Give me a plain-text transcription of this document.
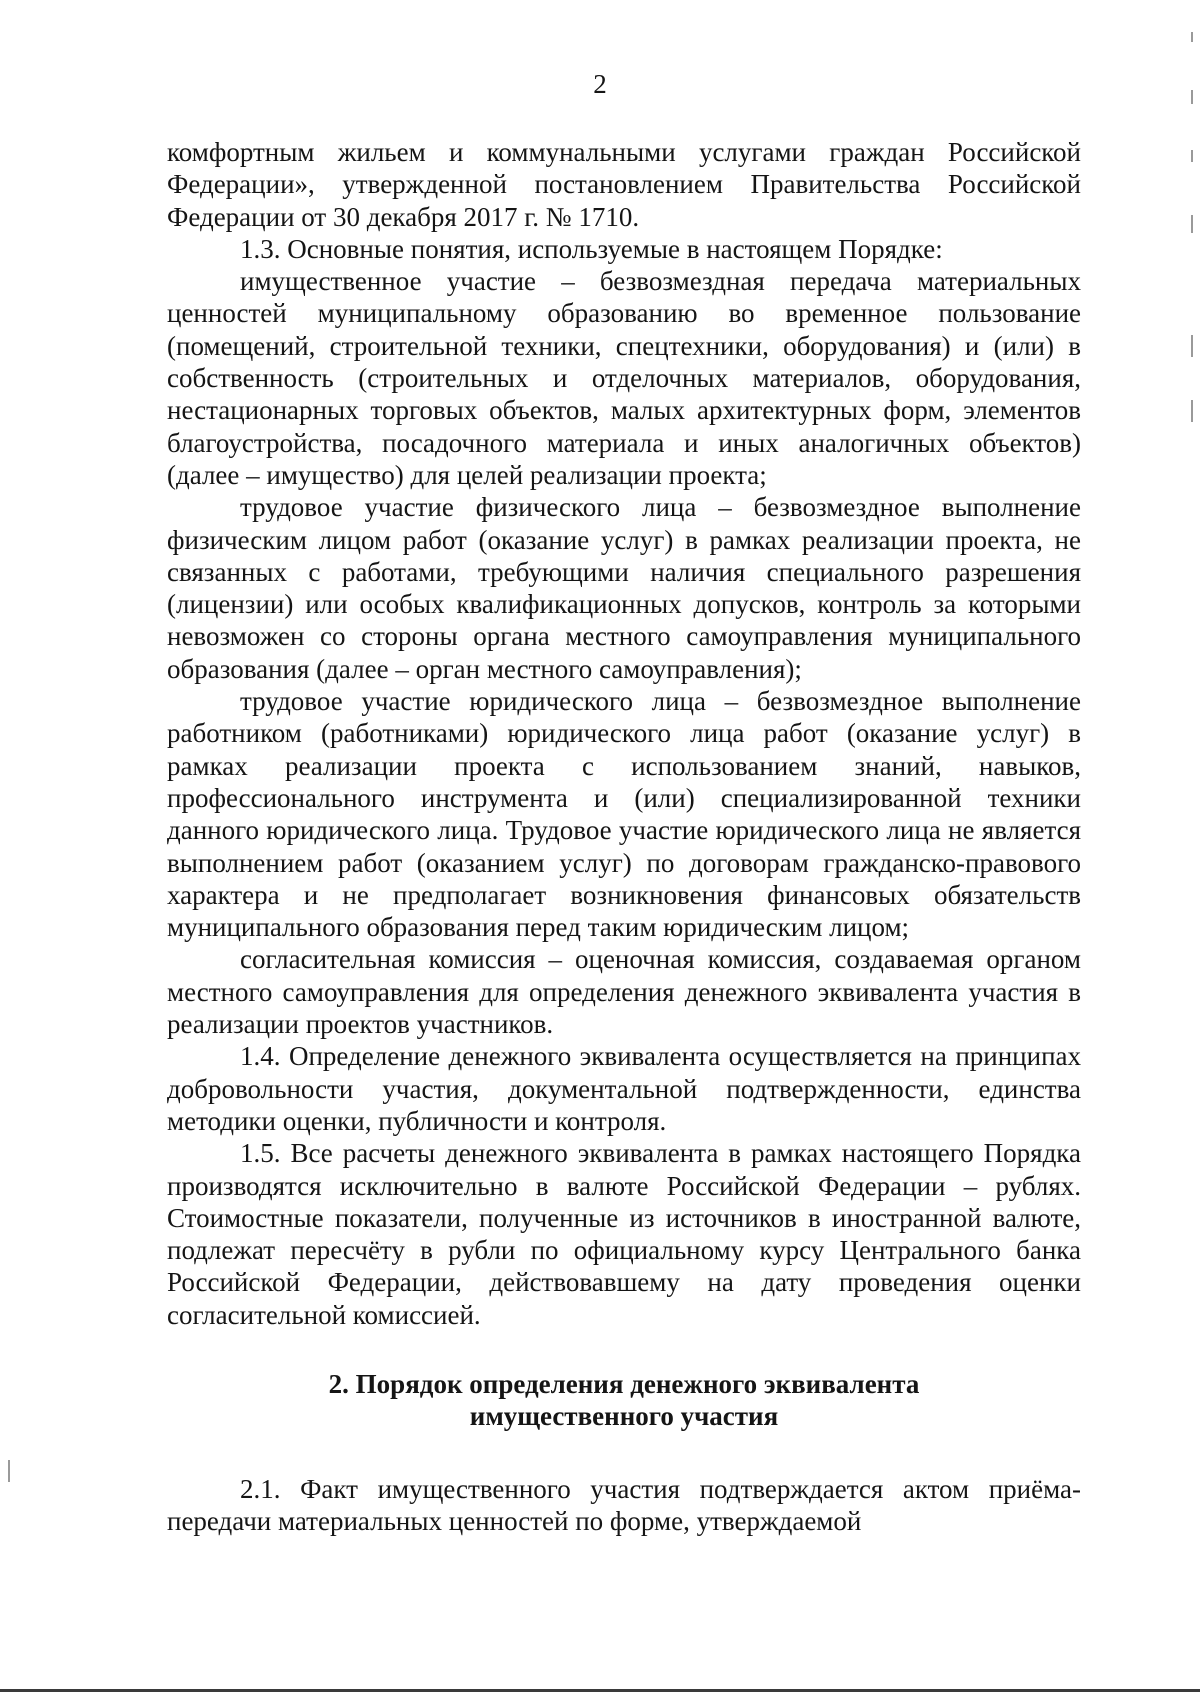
2

комфортным жильем и коммунальными услугами граждан Российской Федерации», утвержденной постановлением Правительства Российской Федерации от 30 декабря 2017 г. № 1710.

1.3. Основные понятия, используемые в настоящем Порядке:

имущественное участие – безвозмездная передача материальных ценностей муниципальному образованию во временное пользование (помещений, строительной техники, спецтехники, оборудования) и (или) в собственность (строительных и отделочных материалов, оборудования, нестационарных торговых объектов, малых архитектурных форм, элементов благоустройства, посадочного материала и иных аналогичных объектов) (далее – имущество) для целей реализации проекта;

трудовое участие физического лица – безвозмездное выполнение физическим лицом работ (оказание услуг) в рамках реализации проекта, не связанных с работами, требующими наличия специального разрешения (лицензии) или особых квалификационных допусков, контроль за которыми невозможен со стороны органа местного самоуправления муниципального образования (далее – орган местного самоуправления);

трудовое участие юридического лица – безвозмездное выполнение работником (работниками) юридического лица работ (оказание услуг) в рамках реализации проекта с использованием знаний, навыков, профессионального инструмента и (или) специализированной техники данного юридического лица. Трудовое участие юридического лица не является выполнением работ (оказанием услуг) по договорам гражданско-правового характера и не предполагает возникновения финансовых обязательств муниципального образования перед таким юридическим лицом;

согласительная комиссия – оценочная комиссия, создаваемая органом местного самоуправления для определения денежного эквивалента участия в реализации проектов участников.

1.4. Определение денежного эквивалента осуществляется на принципах добровольности участия, документальной подтвержденности, единства методики оценки, публичности и контроля.

1.5. Все расчеты денежного эквивалента в рамках настоящего Порядка производятся исключительно в валюте Российской Федерации – рублях. Стоимостные показатели, полученные из источников в иностранной валюте, подлежат пересчёту в рубли по официальному курсу Центрального банка Российской Федерации, действовавшему на дату проведения оценки согласительной комиссией.

2. Порядок определения денежного эквивалента
имущественного участия

2.1. Факт имущественного участия подтверждается актом приёма-передачи материальных ценностей по форме, утверждаемой
